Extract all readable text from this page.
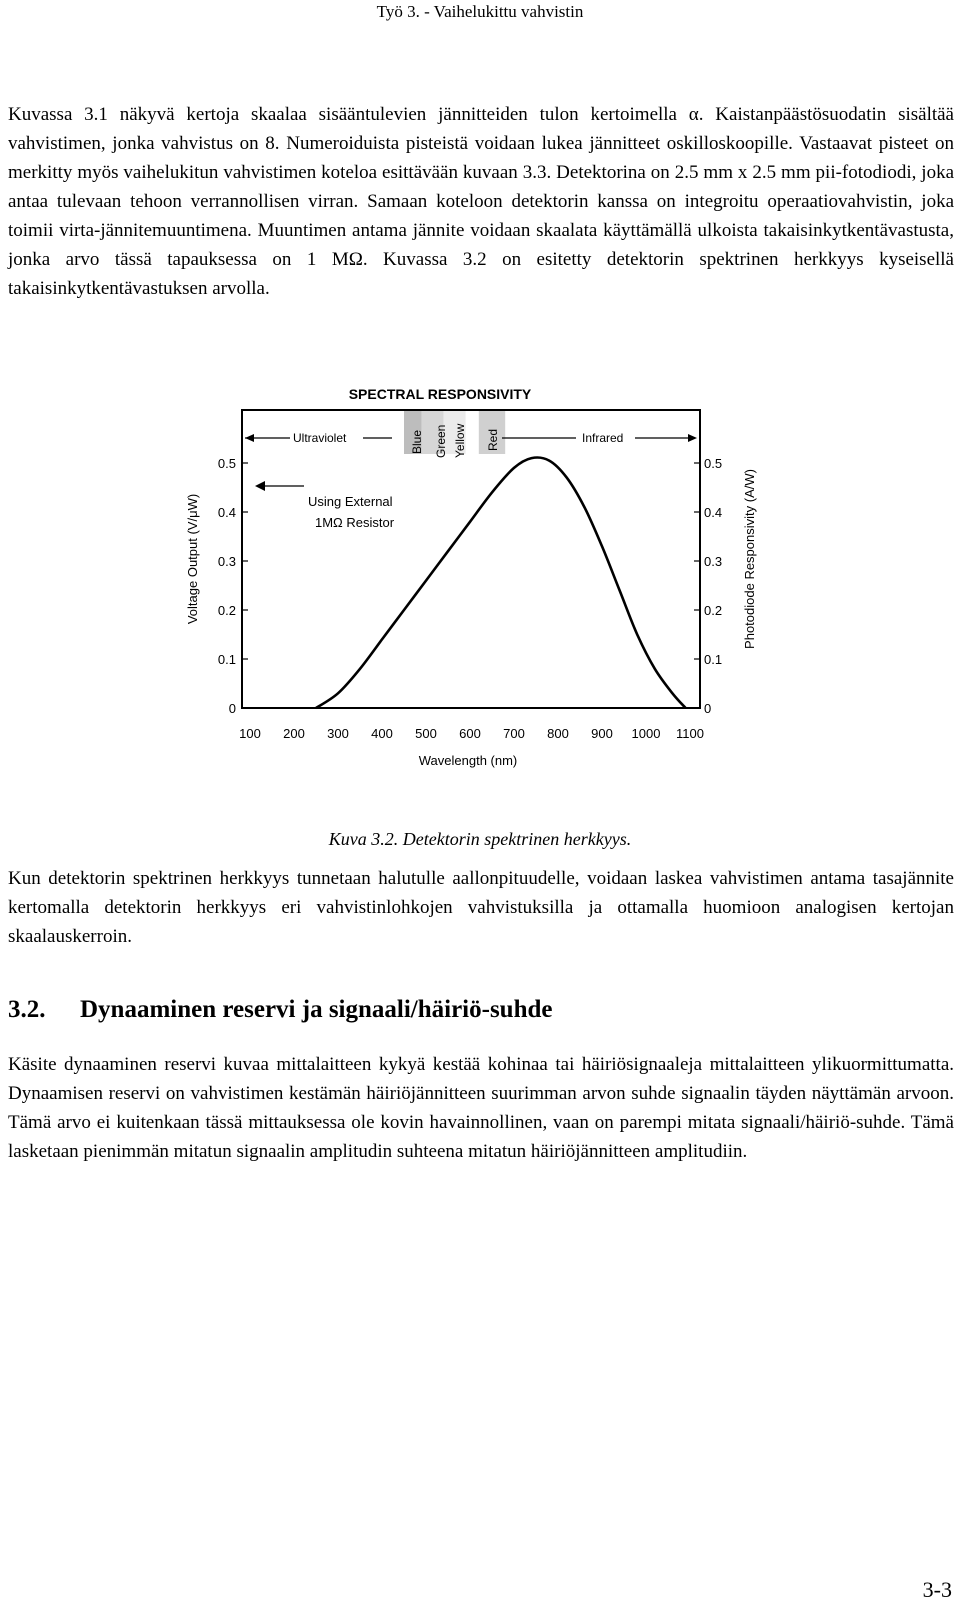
Työ 3. - Vaihelukittu vahvistin

Kuvassa 3.1 näkyvä kertoja skaalaa sisääntulevien jännitteiden tulon kertoimella α. Kaistanpäästösuodatin sisältää vahvistimen, jonka vahvistus on 8. Numeroiduista pisteistä voidaan lukea jännitteet oskilloskoopille. Vastaavat pisteet on merkitty myös vaihelukitun vahvistimen koteloa esittävään kuvaan 3.3. Detektorina on 2.5 mm x 2.5 mm pii-fotodiodi, joka antaa tulevaan tehoon verrannollisen virran. Samaan koteloon detektorin kanssa on integroitu operaatiovahvistin, joka toimii virta-jännitemuuntimena. Muuntimen antama jännite voidaan skaalata käyttämällä ulkoista takaisinkytkentävastusta, jonka arvo tässä tapauksessa on 1 MΩ. Kuvassa 3.2 on esitetty detektorin spektrinen herkkyys kyseisellä takaisinkytkentävastuksen arvolla.

SPECTRAL RESPONSIVITY
Ultraviolet	Infrared
Blue Green Yellow Red
Using External
1MΩ Resistor
0
0.1
0.2
0.3
0.4
0.5
0
0.1
0.2
0.3
0.4
0.5
100 200 300 400 500 600 700 800 900 1000 1100
Voltage Output (V/μW)	Photodiode Responsivity (A/W)
Wavelength (nm)
Kuva 3.2. Detektorin spektrinen herkkyys.

Kun detektorin spektrinen herkkyys tunnetaan halutulle aallonpituudelle, voidaan laskea vahvistimen antama tasajännite kertomalla detektorin herkkyys eri vahvistinlohkojen vahvistuksilla ja ottamalla huomioon analogisen kertojan skaalauskerroin.

3.2. Dynaaminen reservi ja signaali/häiriö-suhde

Käsite dynaaminen reservi kuvaa mittalaitteen kykyä kestää kohinaa tai häiriösignaaleja mittalaitteen ylikuormittumatta. Dynaamisen reservi on vahvistimen kestämän häiriöjännitteen suurimman arvon suhde signaalin täyden näyttämän arvoon. Tämä arvo ei kuitenkaan tässä mittauksessa ole kovin havainnollinen, vaan on parempi mitata signaali/häiriö-suhde. Tämä lasketaan pienimmän mitatun signaalin amplitudin suhteena mitatun häiriöjännitteen amplitudiin.

3-3
